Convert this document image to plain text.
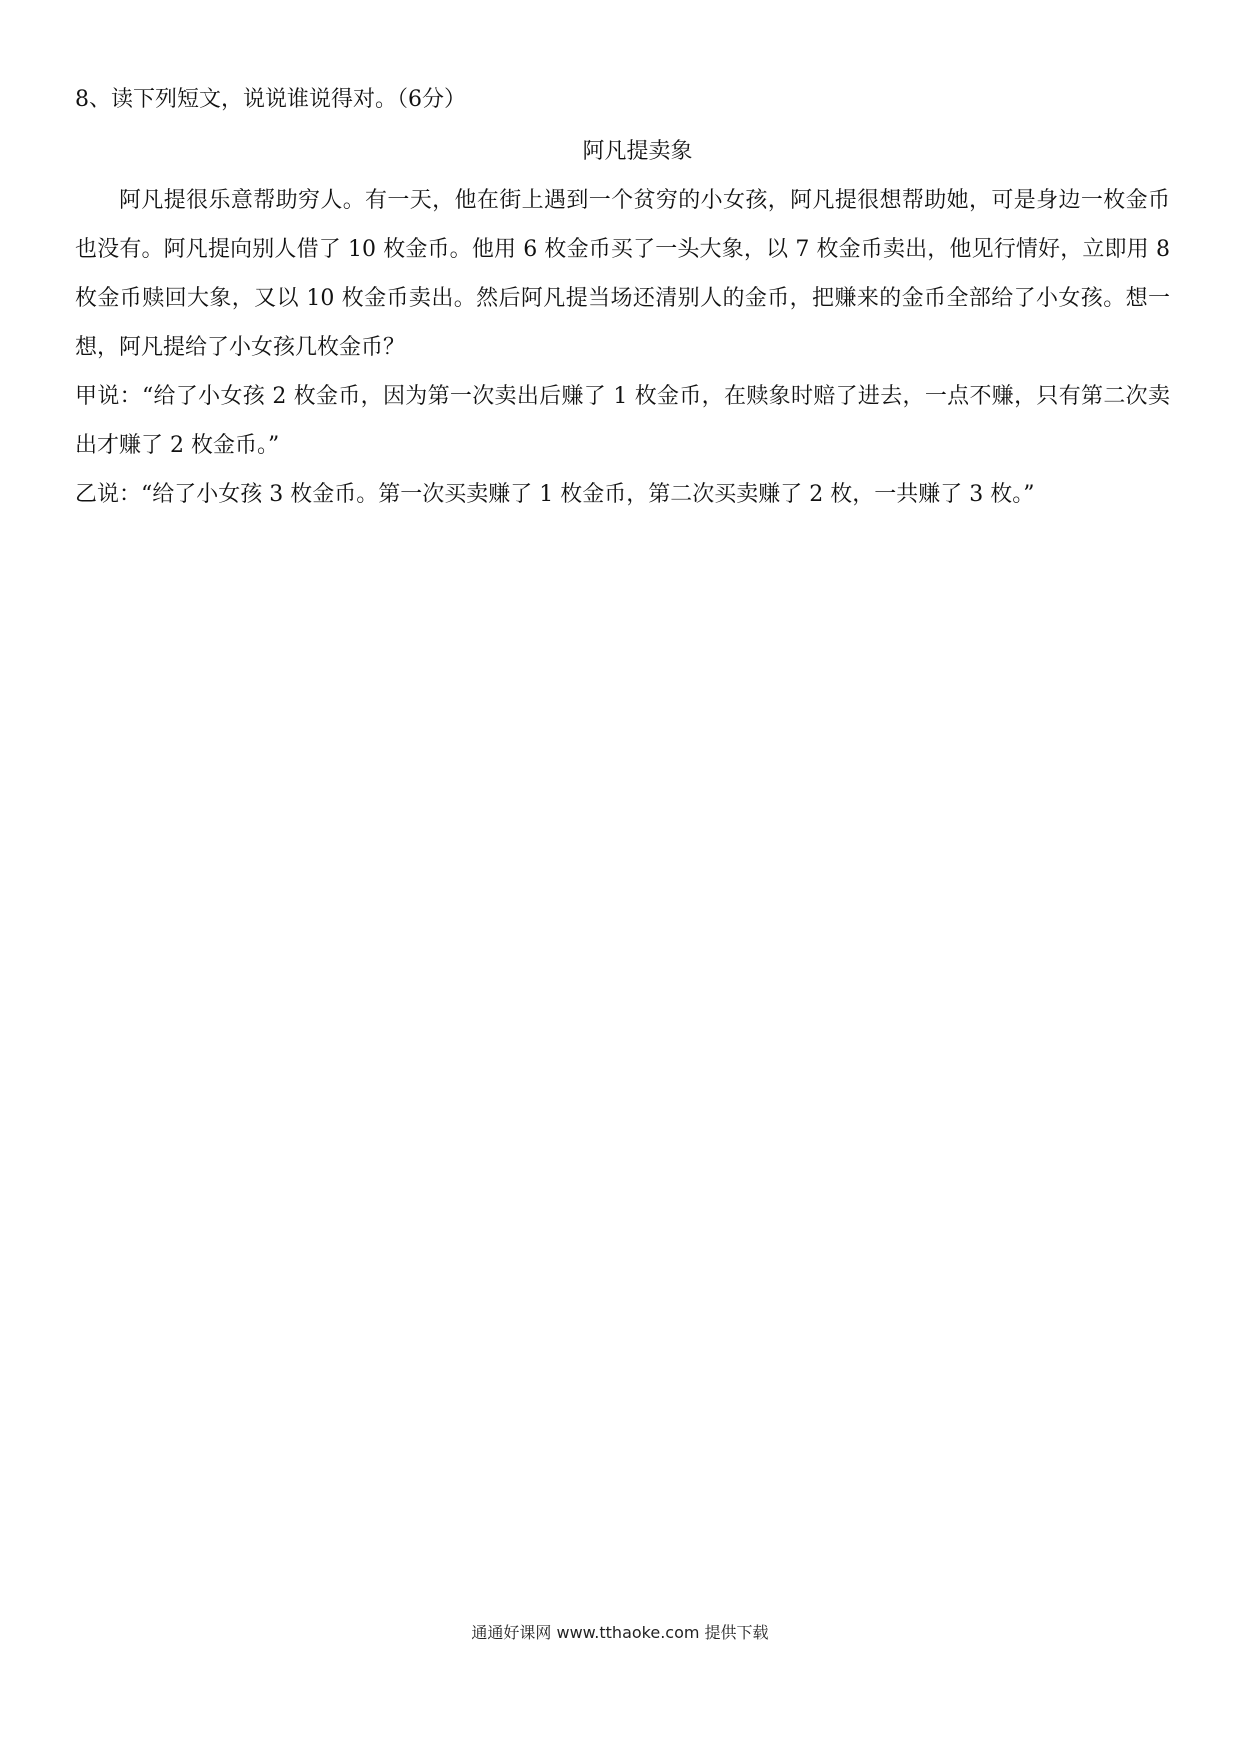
8、读下列短文，说说谁说得对。（6分）

阿凡提卖象

阿凡提很乐意帮助穷人。有一天，他在街上遇到一个贫穷的小女孩，阿凡提很想帮助她，可是身边一枚金币也没有。阿凡提向别人借了 10 枚金币。他用 6 枚金币买了一头大象，以 7 枚金币卖出，他见行情好，立即用 8 枚金币赎回大象，又以 10 枚金币卖出。然后阿凡提当场还清别人的金币，把赚来的金币全部给了小女孩。想一想，阿凡提给了小女孩几枚金币？

甲说：“给了小女孩 2 枚金币，因为第一次卖出后赚了 1 枚金币，在赎象时赔了进去，一点不赚，只有第二次卖出才赚了 2 枚金币。”

乙说：“给了小女孩 3 枚金币。第一次买卖赚了 1 枚金币，第二次买卖赚了 2 枚，一共赚了 3 枚。”

通通好课网 www.tthaoke.com 提供下载
